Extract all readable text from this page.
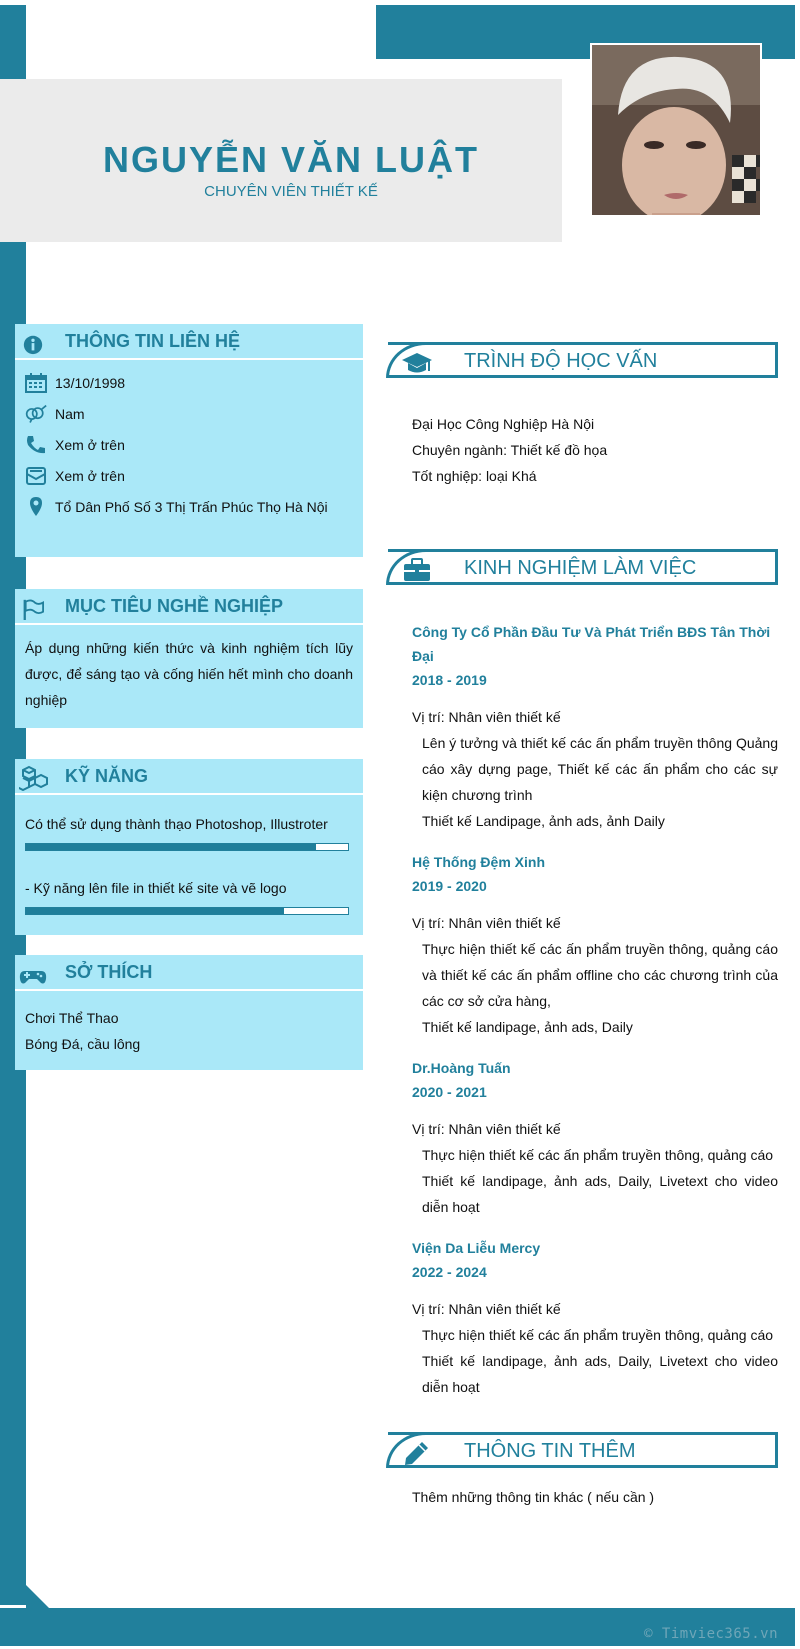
© Timviec365.vn
NGUYỄN VĂN LUẬT
CHUYÊN VIÊN THIẾT KẾ
THÔNG TIN LIÊN HỆ
13/10/1998
Nam
Xem ở trên
Xem ở trên
Tổ Dân Phố Số 3 Thị Trấn Phúc Thọ Hà Nội
MỤC TIÊU NGHỀ NGHIỆP
Áp dụng những kiến thức và kinh nghiệm tích lũy được, để sáng tạo và cống hiến hết mình cho doanh nghiệp
KỸ NĂNG
Có thể sử dụng thành thạo Photoshop, Illustroter
- Kỹ năng lên file in thiết kế site và vẽ logo
SỞ THÍCH
Chơi Thể Thao
Bóng Đá, cầu lông
TRÌNH ĐỘ HỌC VẤN
Đại Học Công Nghiệp Hà Nội
Chuyên ngành: Thiết kế đồ họa
Tốt nghiệp: loại Khá
KINH NGHIỆM LÀM VIỆC
Công Ty Cổ Phần Đầu Tư Và Phát Triển BĐS Tân Thời Đại
2018 - 2019
Vị trí: Nhân viên thiết kế
Lên ý tưởng và thiết kế các ấn phẩm truyền thông Quảng cáo xây dựng page, Thiết kế các ấn phẩm cho các sự kiện chương trình
Thiết kế Landipage, ảnh ads, ảnh Daily
Hệ Thống Đệm Xinh
2019 - 2020
Vị trí: Nhân viên thiết kế
Thực hiện thiết kế các ấn phẩm truyền thông, quảng cáo và thiết kế các ấn phẩm offline cho các chương trình của các cơ sở cửa hàng,
Thiết kế landipage, ảnh ads, Daily
Dr.Hoàng Tuấn
2020 - 2021
Vị trí: Nhân viên thiết kế
Thực hiện thiết kế các ấn phẩm truyền thông, quảng cáo
Thiết kế landipage, ảnh ads, Daily, Livetext cho video diễn hoạt
Viện Da Liễu Mercy
2022 - 2024
Vị trí: Nhân viên thiết kế
Thực hiện thiết kế các ấn phẩm truyền thông, quảng cáo
Thiết kế landipage, ảnh ads, Daily, Livetext cho video diễn hoạt
THÔNG TIN THÊM
Thêm những thông tin khác ( nếu cần )
